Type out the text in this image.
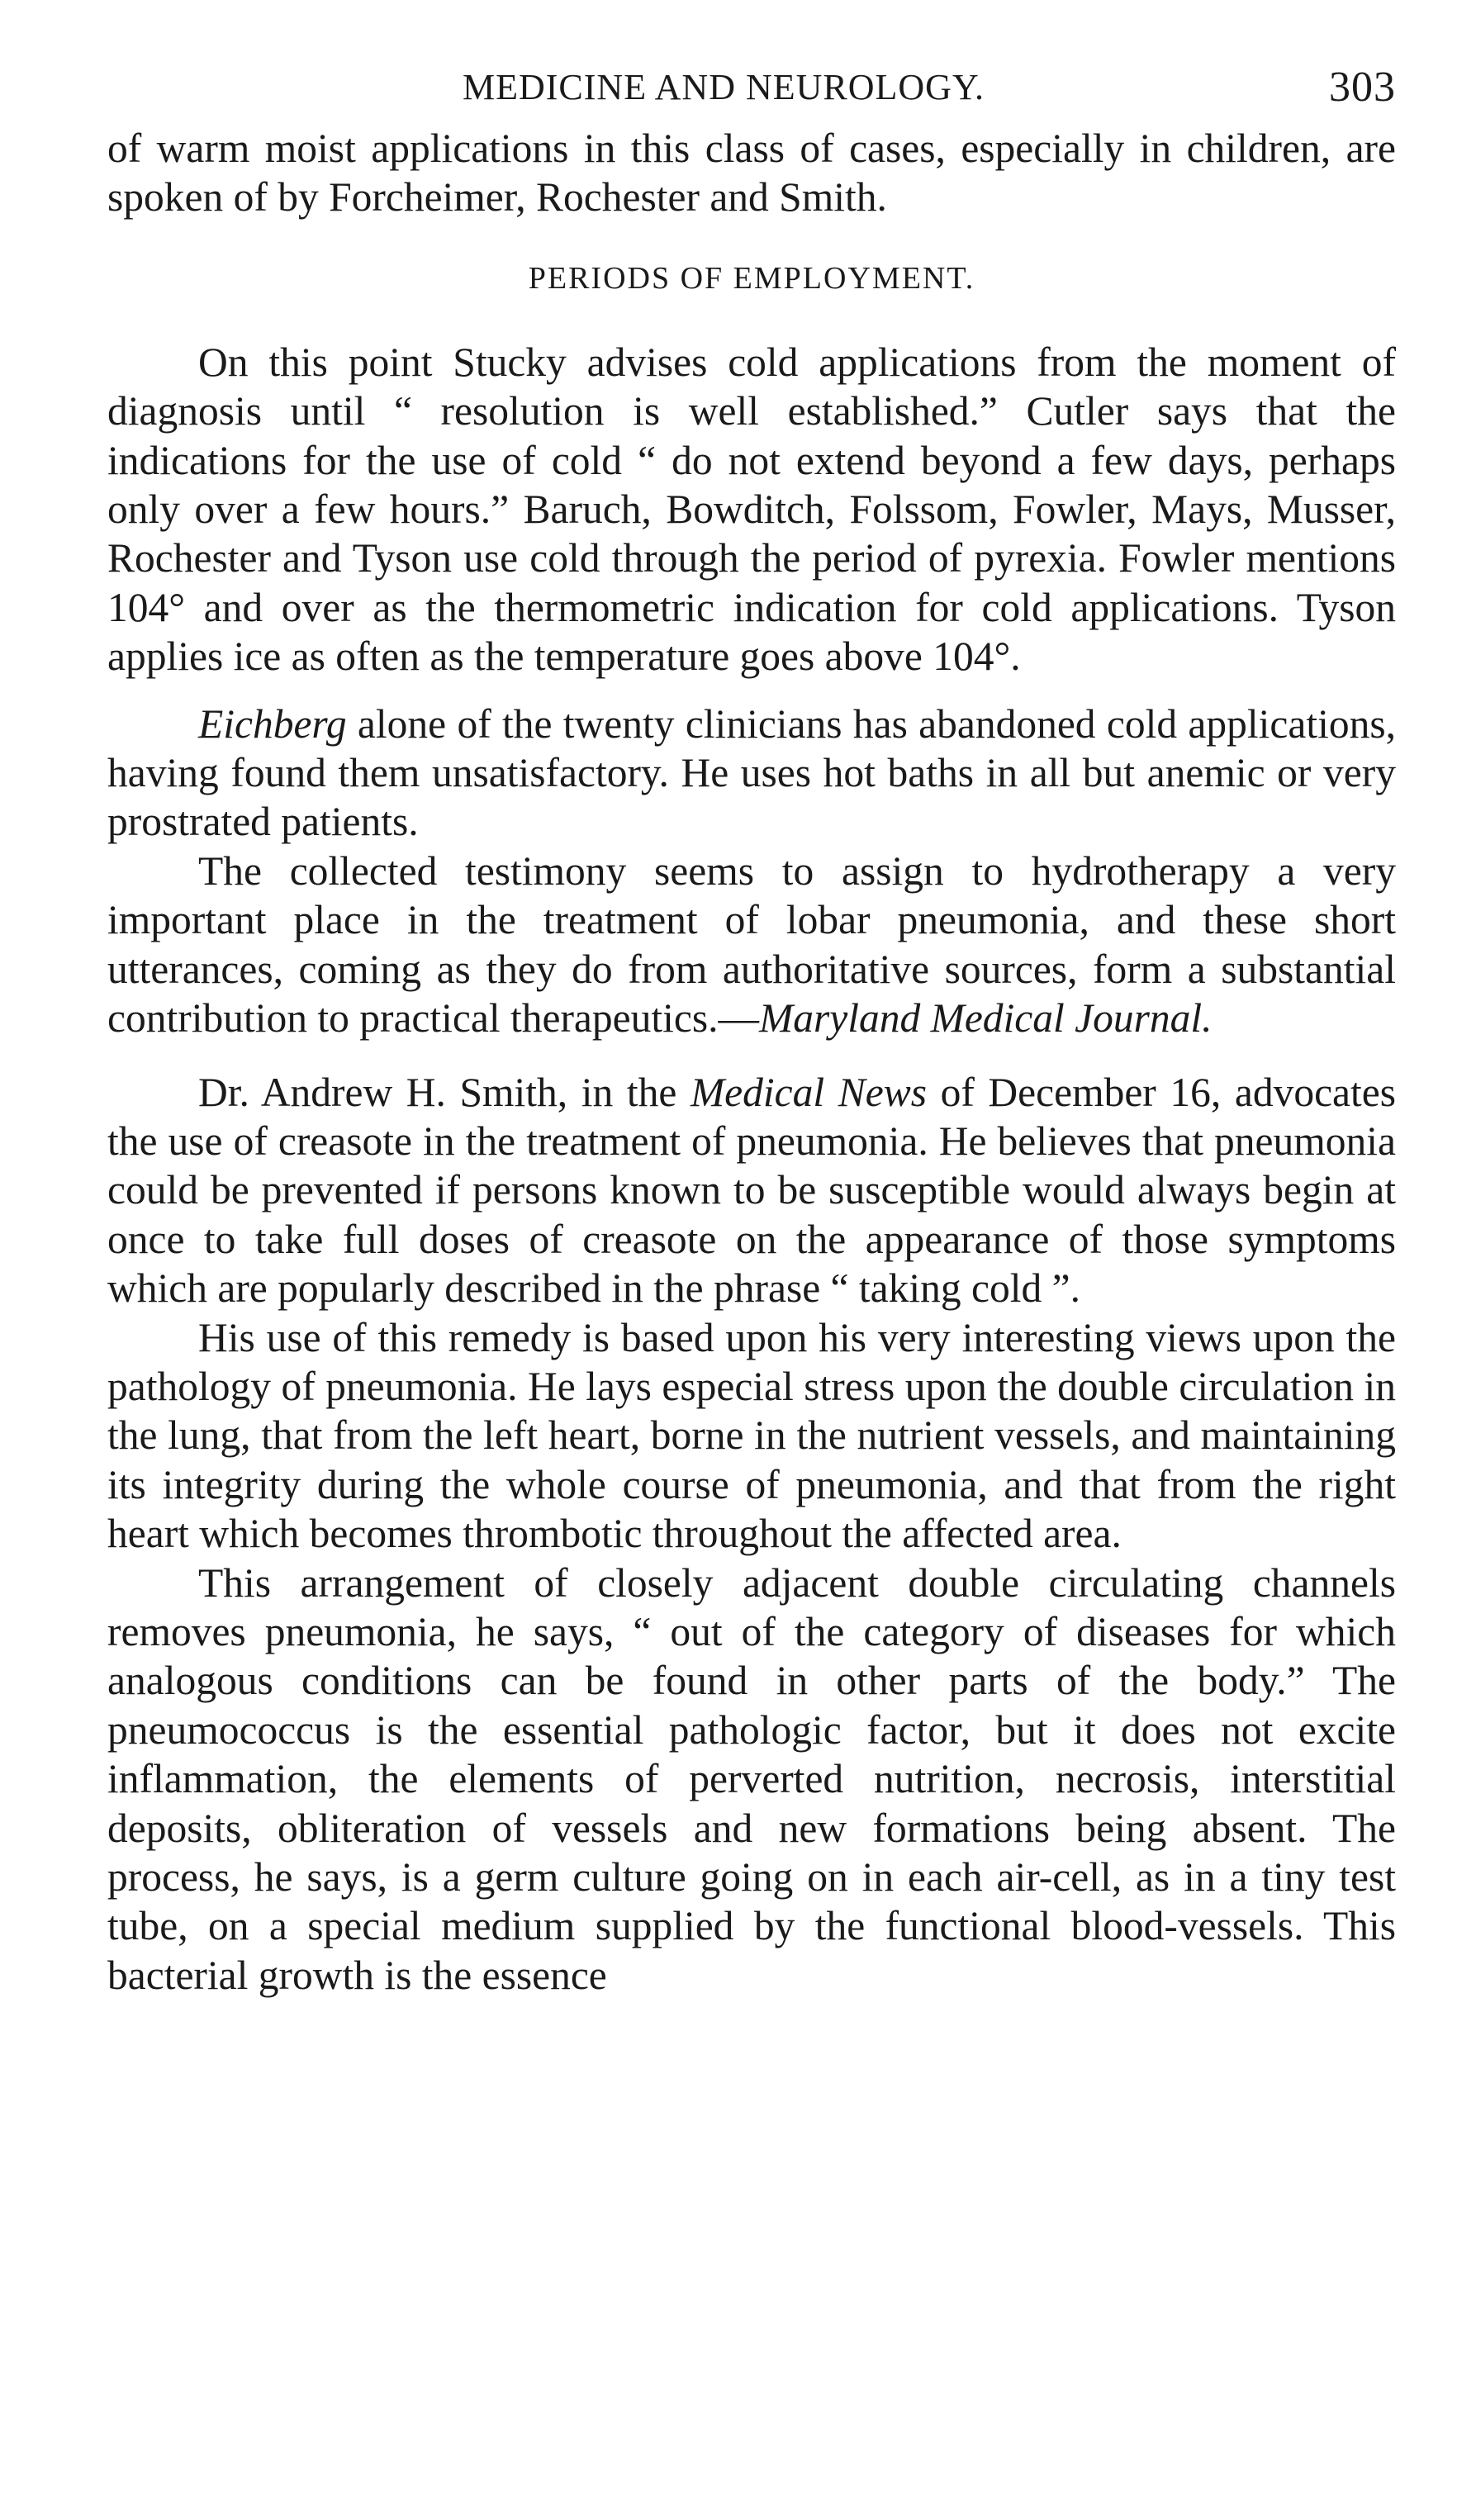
MEDICINE AND NEUROLOGY.	303

of warm moist applications in this class of cases, especially in children, are spoken of by Forcheimer, Rochester and Smith.

PERIODS OF EMPLOYMENT.

On this point Stucky advises cold applications from the moment of diagnosis until “ resolution is well established.” Cutler says that the indications for the use of cold “ do not extend beyond a few days, perhaps only over a few hours.” Baruch, Bowditch, Folssom, Fowler, Mays, Musser, Rochester and Tyson use cold through the period of pyrexia. Fowler mentions 104° and over as the thermometric indication for cold applications. Tyson applies ice as often as the temperature goes above 104°.

Eichberg alone of the twenty clinicians has abandoned cold applications, having found them unsatisfactory. He uses hot baths in all but anemic or very prostrated patients.

The collected testimony seems to assign to hydrotherapy a very important place in the treatment of lobar pneumonia, and these short utterances, coming as they do from authoritative sources, form a substantial contribution to practical therapeutics.—Maryland Medical Journal.

Dr. Andrew H. Smith, in the Medical News of December 16, advocates the use of creasote in the treatment of pneumonia. He believes that pneumonia could be prevented if persons known to be susceptible would always begin at once to take full doses of creasote on the appearance of those symptoms which are popularly described in the phrase “ taking cold ”.

His use of this remedy is based upon his very interesting views upon the pathology of pneumonia. He lays especial stress upon the double circulation in the lung, that from the left heart, borne in the nutrient vessels, and maintaining its integrity during the whole course of pneumonia, and that from the right heart which becomes thrombotic throughout the affected area.

This arrangement of closely adjacent double circulating channels removes pneumonia, he says, “ out of the category of diseases for which analogous conditions can be found in other parts of the body.” The pneumococcus is the essential pathologic factor, but it does not excite inflammation, the elements of perverted nutrition, necrosis, interstitial deposits, obliteration of vessels and new formations being absent. The process, he says, is a germ culture going on in each air-cell, as in a tiny test tube, on a special medium supplied by the functional blood-vessels. This bacterial growth is the essence
